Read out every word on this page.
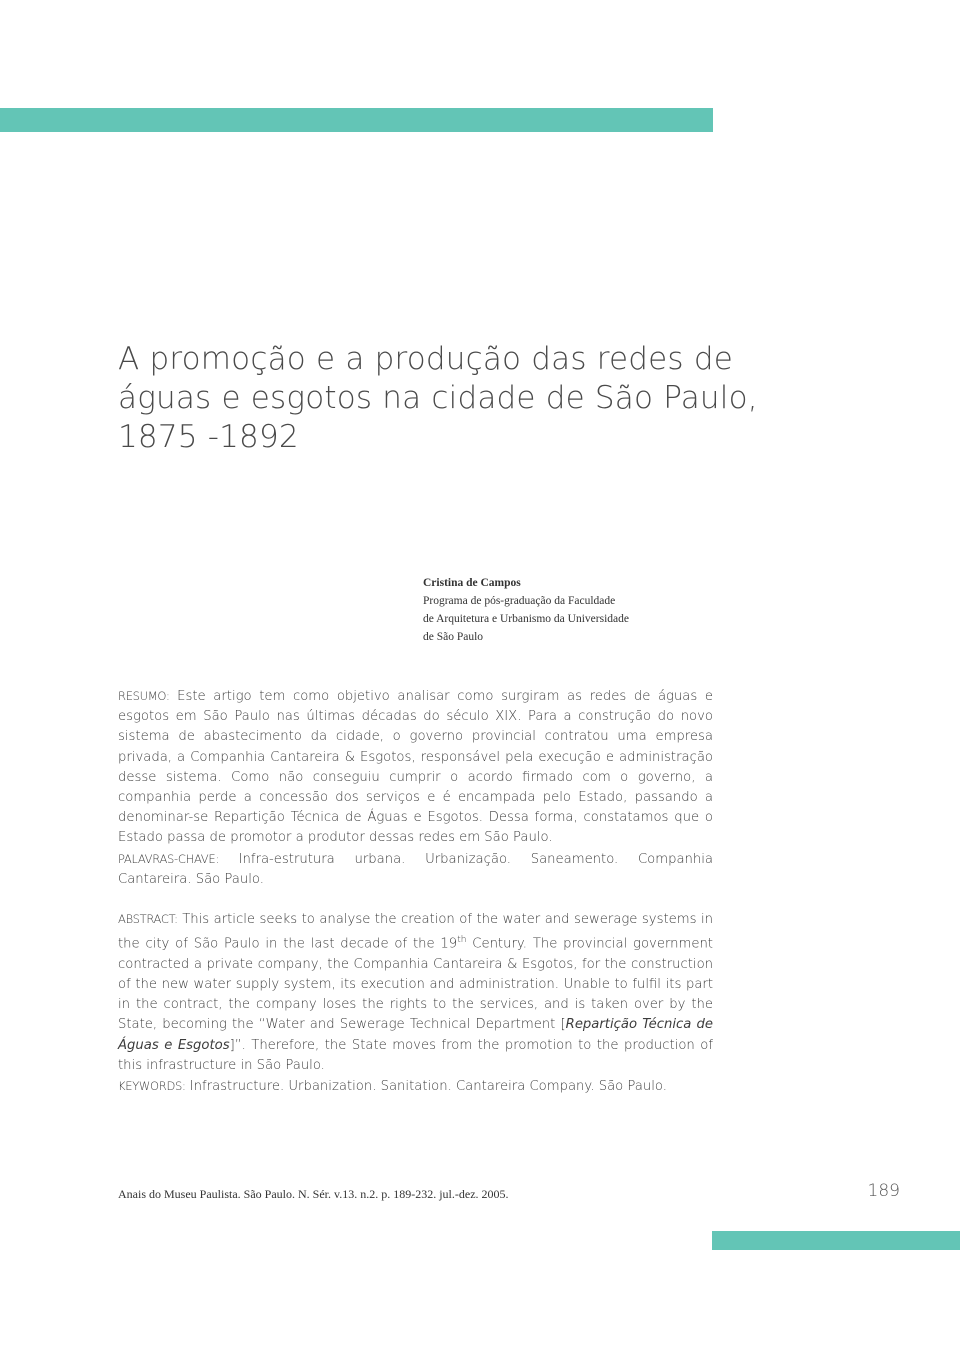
A promoção e a produção das redes de
águas e esgotos na cidade de São Paulo,
1875 -1892
Cristina de Campos
Programa de pós-graduação da Faculdade
de Arquitetura e Urbanismo da Universidade
de São Paulo

RESUMO: Este artigo tem como objetivo analisar como surgiram as redes de águas e esgotos em São Paulo nas últimas décadas do século XIX. Para a construção do novo sistema de abastecimento da cidade, o governo provincial contratou uma empresa privada, a Companhia Cantareira & Esgotos, responsável pela execução e administração desse sistema. Como não conseguiu cumprir o acordo firmado com o governo, a companhia perde a concessão dos serviços e é encampada pelo Estado, passando a denominar-se Repartição Técnica de Águas e Esgotos. Dessa forma, constatamos que o Estado passa de promotor a produtor dessas redes em São Paulo.

PALAVRAS-CHAVE: Infra-estrutura urbana. Urbanização. Saneamento. Companhia Cantareira. São Paulo.

ABSTRACT: This article seeks to analyse the creation of the water and sewerage systems in the city of São Paulo in the last decade of the 19th Century. The provincial government contracted a private company, the Companhia Cantareira & Esgotos, for the construction of the new water supply system, its execution and administration. Unable to fulfil its part in the contract, the company loses the rights to the services, and is taken over by the State, becoming the “Water and Sewerage Technical Department [Repartição Técnica de Águas e Esgotos]”. Therefore, the State moves from the promotion to the production of this infrastructure in São Paulo.

KEYWORDS: Infrastructure. Urbanization. Sanitation. Cantareira Company. São Paulo.

Anais do Museu Paulista. São Paulo. N. Sér. v.13. n.2. p. 189-232. jul.-dez. 2005.	189
